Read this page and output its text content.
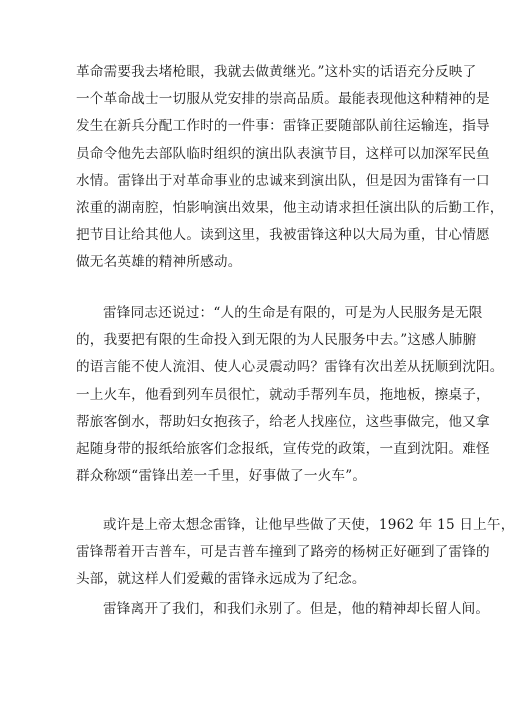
革命需要我去堵枪眼，我就去做黄继光。”这朴实的话语充分反映了
一个革命战士一切服从党安排的崇高品质。最能表现他这种精神的是
发生在新兵分配工作时的一件事：雷锋正要随部队前往运输连，指导
员命令他先去部队临时组织的演出队表演节目，这样可以加深军民鱼
水情。雷锋出于对革命事业的忠诚来到演出队，但是因为雷锋有一口
浓重的湖南腔，怕影响演出效果，他主动请求担任演出队的后勤工作，
把节目让给其他人。读到这里，我被雷锋这种以大局为重，甘心情愿
做无名英雄的精神所感动。
雷锋同志还说过：“人的生命是有限的，可是为人民服务是无限
的，我要把有限的生命投入到无限的为人民服务中去。”这感人肺腑
的语言能不使人流泪、使人心灵震动吗？雷锋有次出差从抚顺到沈阳。
一上火车，他看到列车员很忙，就动手帮列车员，拖地板，擦桌子，
帮旅客倒水，帮助妇女抱孩子，给老人找座位，这些事做完，他又拿
起随身带的报纸给旅客们念报纸，宣传党的政策，一直到沈阳。难怪
群众称颂“雷锋出差一千里，好事做了一火车”。
或许是上帝太想念雷锋，让他早些做了天使，1962 年 15 日上午，
雷锋帮着开吉普车，可是吉普车撞到了路旁的杨树正好砸到了雷锋的
头部，就这样人们爱戴的雷锋永远成为了纪念。
雷锋离开了我们，和我们永别了。但是，他的精神却长留人间。
